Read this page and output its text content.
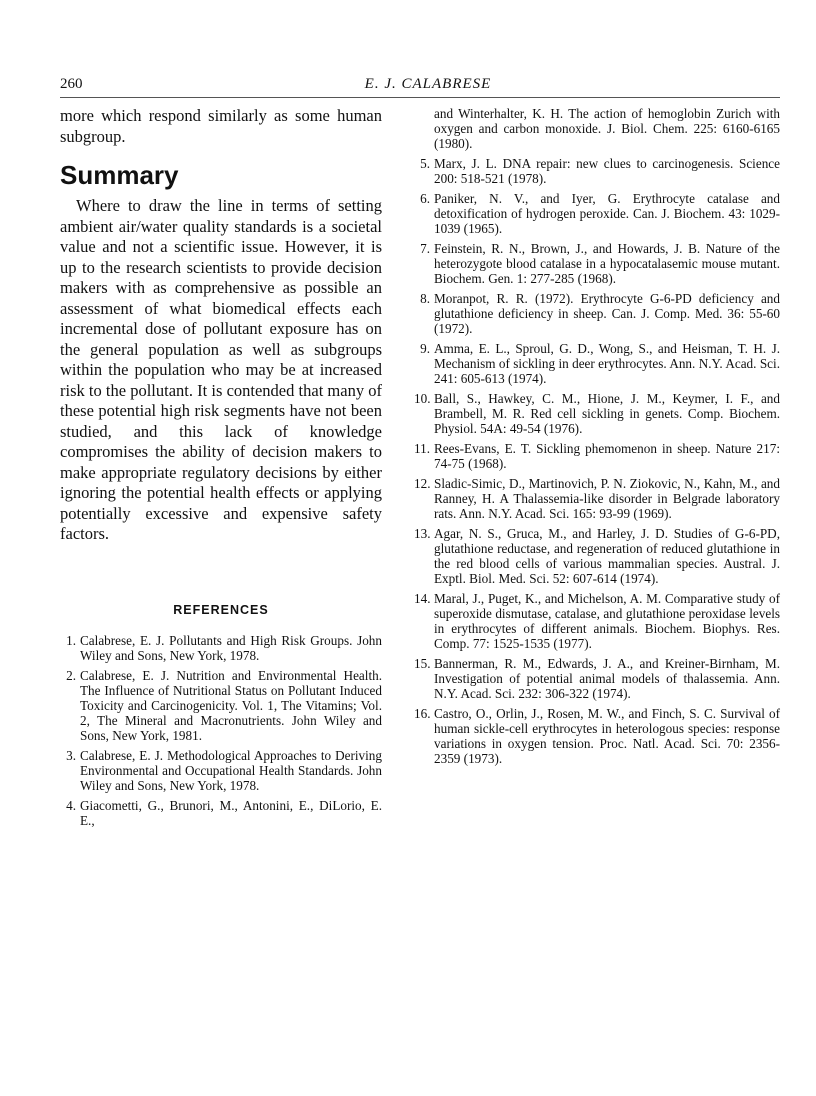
260	E. J. CALABRESE

more which respond similarly as some human subgroup.

Summary

Where to draw the line in terms of setting ambient air/water quality standards is a societal value and not a scientific issue. However, it is up to the research scientists to provide decision makers with as comprehensive as possible an assessment of what biomedical effects each incremental dose of pollutant exposure has on the general population as well as subgroups within the population who may be at increased risk to the pollutant. It is contended that many of these potential high risk segments have not been studied, and this lack of knowledge compromises the ability of decision makers to make appropriate regulatory decisions by either ignoring the potential health effects or applying potentially excessive and expensive safety factors.

REFERENCES
1. Calabrese, E. J. Pollutants and High Risk Groups. John Wiley and Sons, New York, 1978.
2. Calabrese, E. J. Nutrition and Environmental Health. The Influence of Nutritional Status on Pollutant Induced Toxicity and Carcinogenicity. Vol. 1, The Vitamins; Vol. 2, The Mineral and Macronutrients. John Wiley and Sons, New York, 1981.
3. Calabrese, E. J. Methodological Approaches to Deriving Environmental and Occupational Health Standards. John Wiley and Sons, New York, 1978.
4. Giacometti, G., Brunori, M., Antonini, E., DiLorio, E. E.,
and Winterhalter, K. H. The action of hemoglobin Zurich with oxygen and carbon monoxide. J. Biol. Chem. 225: 6160-6165 (1980).
5. Marx, J. L. DNA repair: new clues to carcinogenesis. Science 200: 518-521 (1978).
6. Paniker, N. V., and Iyer, G. Erythrocyte catalase and detoxification of hydrogen peroxide. Can. J. Biochem. 43: 1029-1039 (1965).
7. Feinstein, R. N., Brown, J., and Howards, J. B. Nature of the heterozygote blood catalase in a hypocatalasemic mouse mutant. Biochem. Gen. 1: 277-285 (1968).
8. Moranpot, R. R. (1972). Erythrocyte G-6-PD deficiency and glutathione deficiency in sheep. Can. J. Comp. Med. 36: 55-60 (1972).
9. Amma, E. L., Sproul, G. D., Wong, S., and Heisman, T. H. J. Mechanism of sickling in deer erythrocytes. Ann. N.Y. Acad. Sci. 241: 605-613 (1974).
10. Ball, S., Hawkey, C. M., Hione, J. M., Keymer, I. F., and Brambell, M. R. Red cell sickling in genets. Comp. Biochem. Physiol. 54A: 49-54 (1976).
11. Rees-Evans, E. T. Sickling phemomenon in sheep. Nature 217: 74-75 (1968).
12. Sladic-Simic, D., Martinovich, P. N. Ziokovic, N., Kahn, M., and Ranney, H. A Thalassemia-like disorder in Belgrade laboratory rats. Ann. N.Y. Acad. Sci. 165: 93-99 (1969).
13. Agar, N. S., Gruca, M., and Harley, J. D. Studies of G-6-PD, glutathione reductase, and regeneration of reduced glutathione in the red blood cells of various mammalian species. Austral. J. Exptl. Biol. Med. Sci. 52: 607-614 (1974).
14. Maral, J., Puget, K., and Michelson, A. M. Comparative study of superoxide dismutase, catalase, and glutathione peroxidase levels in erythrocytes of different animals. Biochem. Biophys. Res. Comp. 77: 1525-1535 (1977).
15. Bannerman, R. M., Edwards, J. A., and Kreiner-Birnham, M. Investigation of potential animal models of thalassemia. Ann. N.Y. Acad. Sci. 232: 306-322 (1974).
16. Castro, O., Orlin, J., Rosen, M. W., and Finch, S. C. Survival of human sickle-cell erythrocytes in heterologous species: response variations in oxygen tension. Proc. Natl. Acad. Sci. 70: 2356-2359 (1973).
